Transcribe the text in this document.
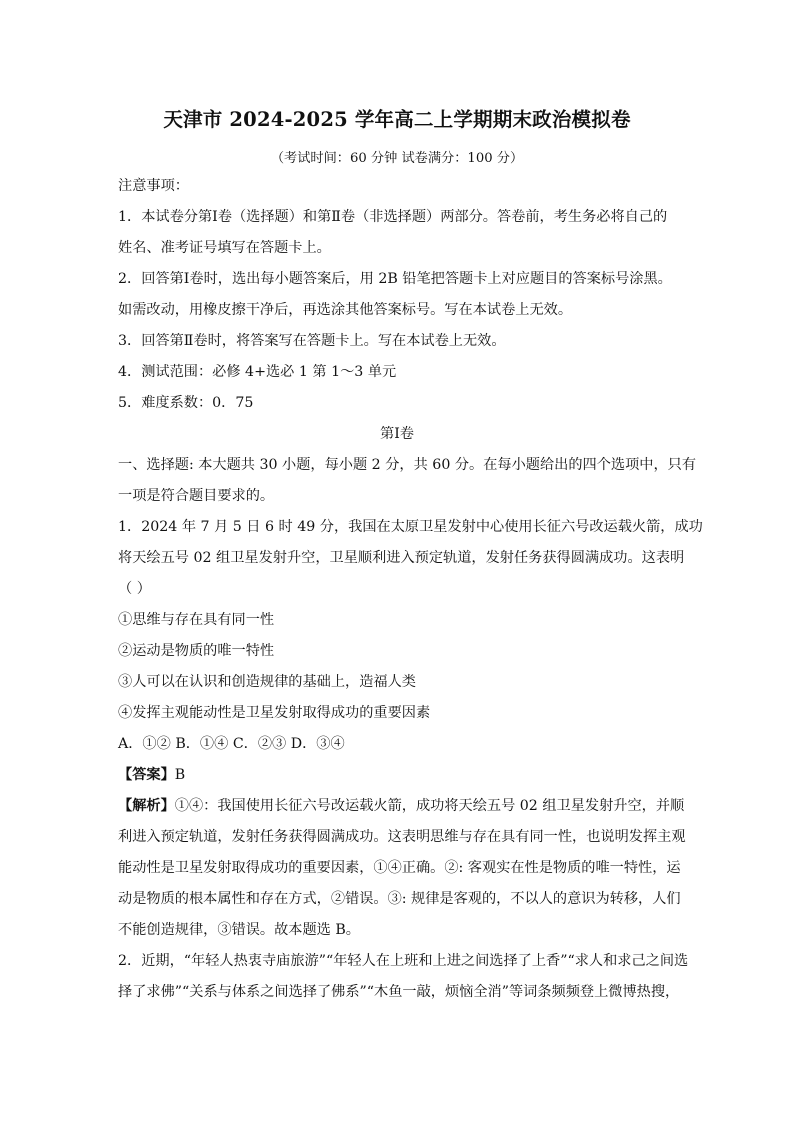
天津市 2024-2025 学年高二上学期期末政治模拟卷
（考试时间：60 分钟 试卷满分：100 分）
注意事项：
1．本试卷分第Ⅰ卷（选择题）和第Ⅱ卷（非选择题）两部分。答卷前，考生务必将自己的
姓名、准考证号填写在答题卡上。
2．回答第Ⅰ卷时，选出每小题答案后，用 2B 铅笔把答题卡上对应题目的答案标号涂黑。
如需改动，用橡皮擦干净后，再选涂其他答案标号。写在本试卷上无效。
3．回答第Ⅱ卷时，将答案写在答题卡上。写在本试卷上无效。
4．测试范围：必修 4+选必 1 第 1～3 单元
5．难度系数：0．75
第Ⅰ卷
一、选择题: 本大题共 30 小题，每小题 2 分，共 60 分。在每小题给出的四个选项中，只有
一项是符合题目要求的。
1．2024 年 7 月 5 日 6 时 49 分，我国在太原卫星发射中心使用长征六号改运载火箭，成功
将天绘五号 02 组卫星发射升空，卫星顺利进入预定轨道，发射任务获得圆满成功。这表明
（ ）
①思维与存在具有同一性
②运动是物质的唯一特性
③人可以在认识和创造规律的基础上，造福人类
④发挥主观能动性是卫星发射取得成功的重要因素
A．①② B．①④ C．②③ D．③④
【答案】B
【解析】①④：我国使用长征六号改运载火箭，成功将天绘五号 02 组卫星发射升空，并顺
利进入预定轨道，发射任务获得圆满成功。这表明思维与存在具有同一性，也说明发挥主观
能动性是卫星发射取得成功的重要因素，①④正确。②: 客观实在性是物质的唯一特性，运
动是物质的根本属性和存在方式，②错误。③: 规律是客观的，不以人的意识为转移，人们
不能创造规律，③错误。故本题选 B。
2．近期，“年轻人热衷寺庙旅游”“年轻人在上班和上进之间选择了上香”“求人和求己之间选
择了求佛”“关系与体系之间选择了佛系”“木鱼一敲，烦恼全消”等词条频频登上微博热搜，
